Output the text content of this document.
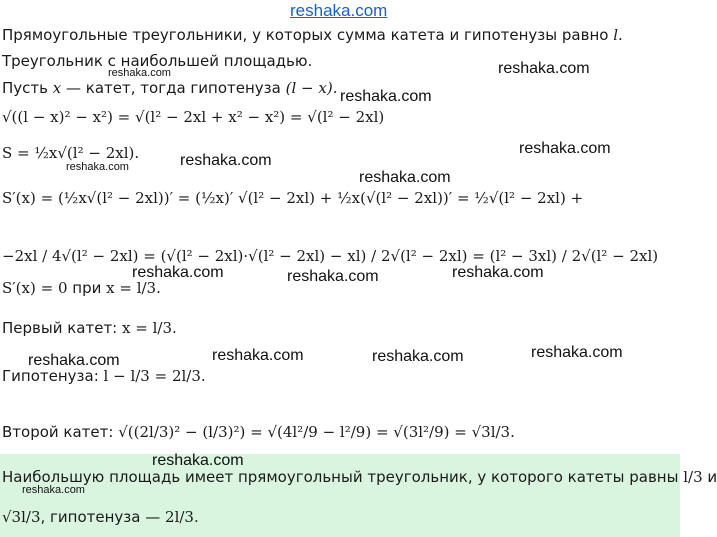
reshaka.com
reshaka.com	reshaka.com
reshaka.com
reshaka.com
reshaka.com
reshaka.com
reshaka.com
reshaka.com	reshaka.com	reshaka.com
reshaka.com	reshaka.com	reshaka.com	reshaka.com
reshaka.com
Прямоугольные треугольники, у которых сумма катета и гипотенузы равно l.
Треугольник с наибольшей площадью.
Пусть x — катет, тогда гипотенуза (l − x).
√((l − x)² − x²) = √(l² − 2xl + x² − x²) = √(l² − 2xl)
S = ½x√(l² − 2xl).
S′(x) = (½x√(l² − 2xl))′ = (½x)′ √(l² − 2xl) + ½x(√(l² − 2xl))′ = ½√(l² − 2xl) +
−2xl / 4√(l² − 2xl) = (√(l² − 2xl)·√(l² − 2xl) − xl) / 2√(l² − 2xl) = (l² − 3xl) / 2√(l² − 2xl)
S′(x) = 0 при x = l/3.
Первый катет: x = l/3.
Гипотенуза: l − l/3 = 2l/3.
Второй катет: √((2l/3)² − (l/3)²) = √(4l²/9 − l²/9) = √(3l²/9) = √3l/3.
Наибольшую площадь имеет прямоугольный треугольник, у которого катеты равны l/3 и
reshaka.com
√3l/3, гипотенуза — 2l/3.
